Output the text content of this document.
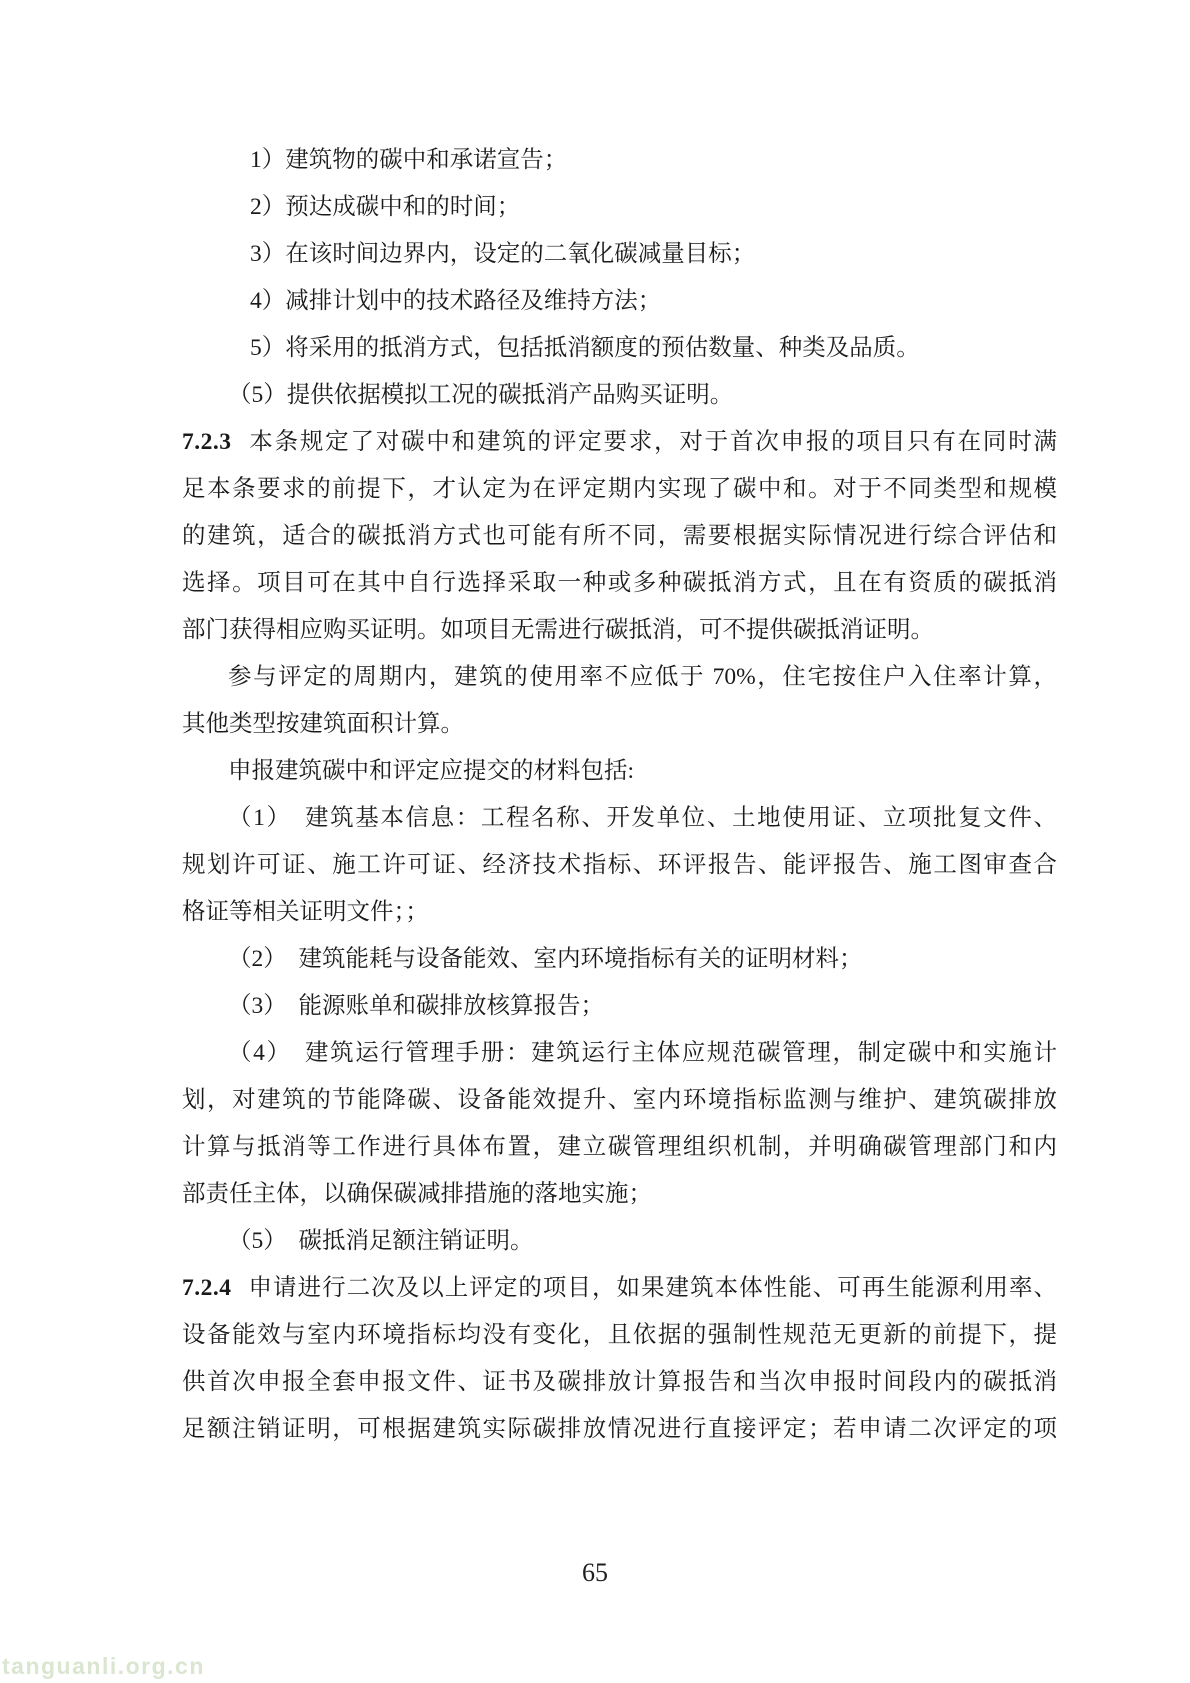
1）建筑物的碳中和承诺宣告；
2）预达成碳中和的时间；
3）在该时间边界内，设定的二氧化碳减量目标；
4）减排计划中的技术路径及维持方法；
5）将采用的抵消方式，包括抵消额度的预估数量、种类及品质。
（5）提供依据模拟工况的碳抵消产品购买证明。
7.2.3 本条规定了对碳中和建筑的评定要求，对于首次申报的项目只有在同时满
足本条要求的前提下，才认定为在评定期内实现了碳中和。对于不同类型和规模
的建筑，适合的碳抵消方式也可能有所不同，需要根据实际情况进行综合评估和
选择。项目可在其中自行选择采取一种或多种碳抵消方式，且在有资质的碳抵消
部门获得相应购买证明。如项目无需进行碳抵消，可不提供碳抵消证明。
参与评定的周期内，建筑的使用率不应低于 70%，住宅按住户入住率计算，
其他类型按建筑面积计算。
申报建筑碳中和评定应提交的材料包括:
（1）　建筑基本信息：工程名称、开发单位、土地使用证、立项批复文件、
规划许可证、施工许可证、经济技术指标、环评报告、能评报告、施工图审查合
格证等相关证明文件；；
（2）　建筑能耗与设备能效、室内环境指标有关的证明材料；
（3）　能源账单和碳排放核算报告；
（4）　建筑运行管理手册：建筑运行主体应规范碳管理，制定碳中和实施计
划，对建筑的节能降碳、设备能效提升、室内环境指标监测与维护、建筑碳排放
计算与抵消等工作进行具体布置，建立碳管理组织机制，并明确碳管理部门和内
部责任主体，以确保碳减排措施的落地实施；
（5）　碳抵消足额注销证明。
7.2.4 申请进行二次及以上评定的项目，如果建筑本体性能、可再生能源利用率、
设备能效与室内环境指标均没有变化，且依据的强制性规范无更新的前提下，提
供首次申报全套申报文件、证书及碳排放计算报告和当次申报时间段内的碳抵消
足额注销证明，可根据建筑实际碳排放情况进行直接评定；若申请二次评定的项
65
tanguanli.org.cn
